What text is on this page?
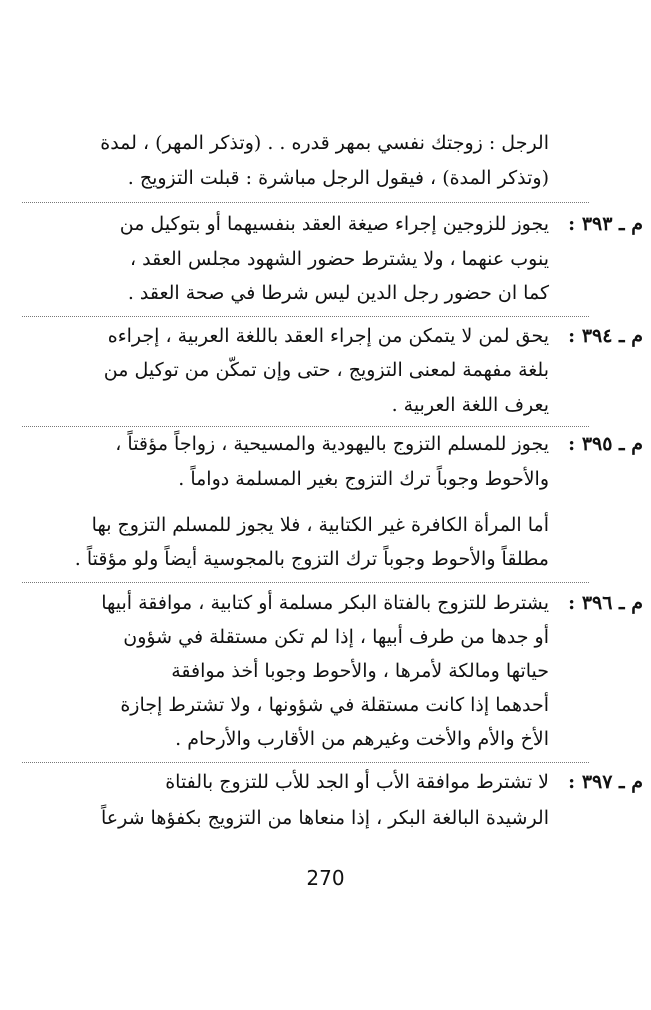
الرجل : زوجتك نفسي بمهر قدره . . (وتذكر المهر) ، لمدة
(وتذكر المدة) ، فيقول الرجل مباشرة : قبلت التزويج .
م ـ ٣٩٣ :
يجوز للزوجين إجراء صيغة العقد بنفسيهما أو بتوكيل من
ينوب عنهما ، ولا يشترط حضور الشهود مجلس العقد ،
كما ان حضور رجل الدين ليس شرطا في صحة العقد .
م ـ ٣٩٤ :
يحق لمن لا يتمكن من إجراء العقد باللغة العربية ، إجراءه
بلغة مفهمة لمعنى التزويج ، حتى وإن تمكّن من توكيل من
يعرف اللغة العربية .
م ـ ٣٩٥ :
يجوز للمسلم التزوج باليهودية والمسيحية ، زواجاً مؤقتاً ،
والأحوط وجوباً ترك التزوج بغير المسلمة دواماً .
أما المرأة الكافرة غير الكتابية ، فلا يجوز للمسلم التزوج بها
مطلقاً والأحوط وجوباً ترك التزوج بالمجوسية أيضاً ولو مؤقتاً .
م ـ ٣٩٦ :
يشترط للتزوج بالفتاة البكر مسلمة أو كتابية ، موافقة أبيها
أو جدها من طرف أبيها ، إذا لم تكن مستقلة في شؤون
حياتها ومالكة لأمرها ، والأحوط وجوبا أخذ موافقة
أحدهما إذا كانت مستقلة في شؤونها ، ولا تشترط إجازة
الأخ والأم والأخت وغيرهم من الأقارب والأرحام .
م ـ ٣٩٧ :
لا تشترط موافقة الأب أو الجد للأب للتزوج بالفتاة
الرشيدة البالغة البكر ، إذا منعاها من التزويج بكفؤها شرعاً
270
